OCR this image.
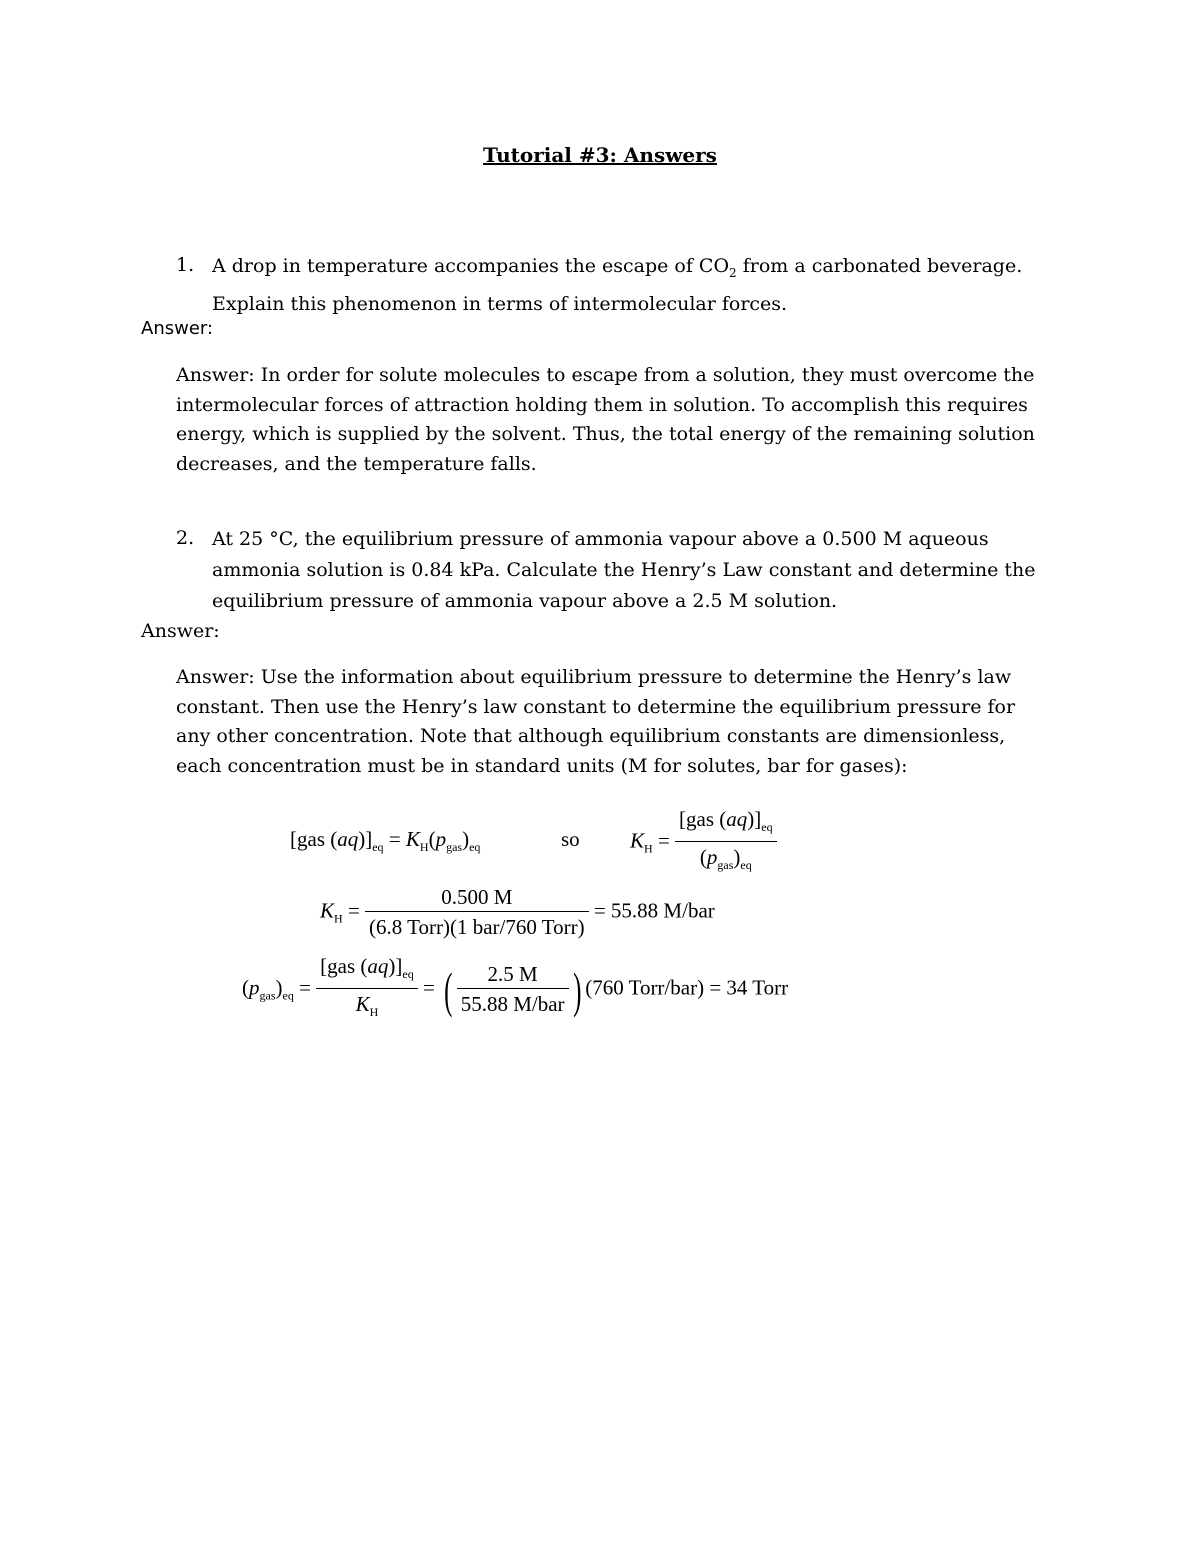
Tutorial #3: Answers
1. A drop in temperature accompanies the escape of $CO_2$ from a carbonated beverage.
Explain this phenomenon in terms of intermolecular forces.
Answer:
Answer: In order for solute molecules to escape from a solution, they must overcome the intermolecular forces of attraction holding them in solution. To accomplish this requires energy, which is supplied by the solvent. Thus, the total energy of the remaining solution decreases, and the temperature falls.
2. At 25 °C, the equilibrium pressure of ammonia vapour above a 0.500 M aqueous ammonia solution is 0.84 kPa. Calculate the Henry’s Law constant and determine the equilibrium pressure of ammonia vapour above a 2.5 M solution.
Answer:
Answer: Use the information about equilibrium pressure to determine the Henry’s law constant. Then use the Henry’s law constant to determine the equilibrium pressure for any other concentration. Note that although equilibrium constants are dimensionless, each concentration must be in standard units (M for solutes, bar for gases):
[gas $(aq)]_{eq} = K_H(p_{gas})_{eq}$	so $K_H = \frac{[gas (aq)]_{eq}}{(p_{gas})_{eq}}$
$K_H = \frac{0.500 M}{\text{(6.8 Torr)(1 bar/760 Torr)}} = 55.88$ M/bar
$(p_{gas})_{eq} = \frac{[gas (aq)]_{eq}}{K_H}$ = ( $\frac{2.5 M}{\text{55.88 M/bar}}$ ) (760 Torr/bar) = 34 Torr
